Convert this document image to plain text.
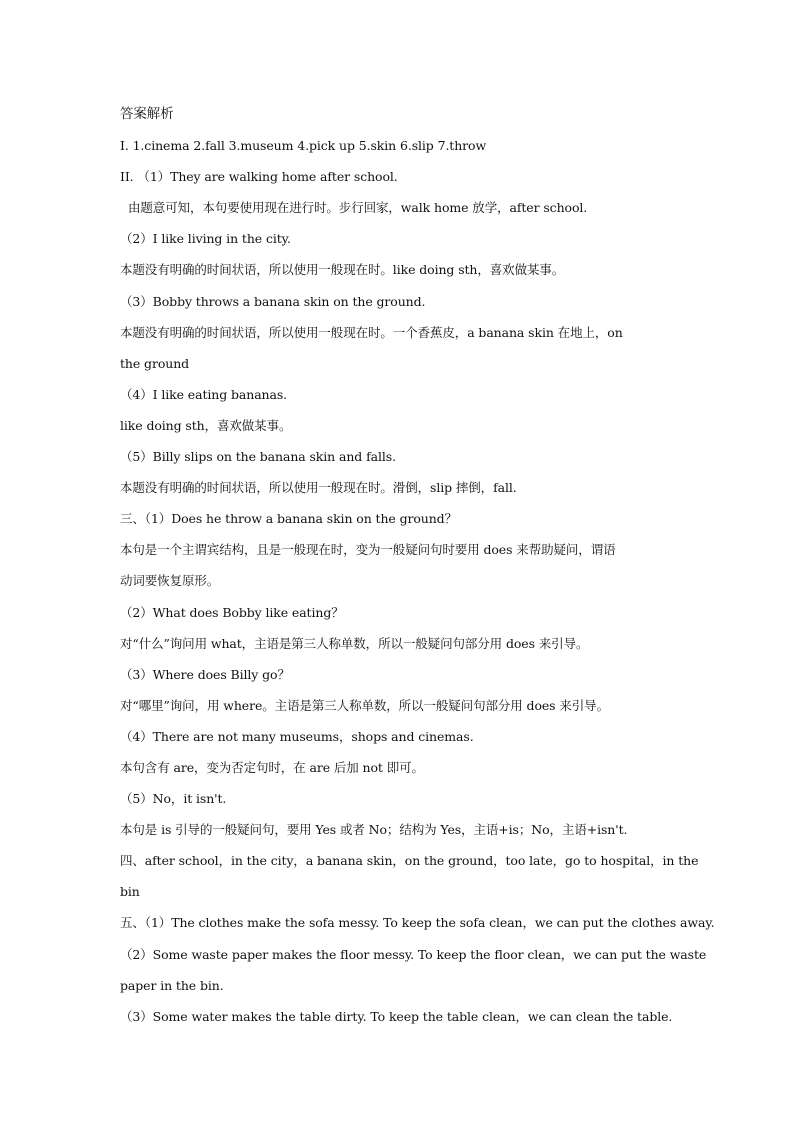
答案解析
I. 1.cinema 2.fall 3.museum 4.pick up 5.skin 6.slip 7.throw
II. （1）They are walking home after school.
由题意可知，本句要使用现在进行时。步行回家，walk home 放学，after school.
（2）I like living in the city.
本题没有明确的时间状语，所以使用一般现在时。like doing sth，喜欢做某事。
（3）Bobby throws a banana skin on the ground.
本题没有明确的时间状语，所以使用一般现在时。一个香蕉皮，a banana skin 在地上，on
the ground
（4）I like eating bananas.
like doing sth，喜欢做某事。
（5）Billy slips on the banana skin and falls.
本题没有明确的时间状语，所以使用一般现在时。滑倒，slip 摔倒，fall.
三、（1）Does he throw a banana skin on the ground？
本句是一个主谓宾结构，且是一般现在时，变为一般疑问句时要用 does 来帮助疑问，谓语
动词要恢复原形。
（2）What does Bobby like eating？
对“什么”询问用 what，主语是第三人称单数，所以一般疑问句部分用 does 来引导。
（3）Where does Billy go？
对“哪里”询问，用 where。主语是第三人称单数，所以一般疑问句部分用 does 来引导。
（4）There are not many museums，shops and cinemas.
本句含有 are，变为否定句时，在 are 后加 not 即可。
（5）No，it isn't.
本句是 is 引导的一般疑问句，要用 Yes 或者 No；结构为 Yes，主语+is；No，主语+isn't.
四、after school，in the city，a banana skin，on the ground，too late，go to hospital，in the
bin
五、（1）The clothes make the sofa messy. To keep the sofa clean，we can put the clothes away.
（2）Some waste paper makes the floor messy. To keep the floor clean，we can put the waste
paper in the bin.
（3）Some water makes the table dirty. To keep the table clean，we can clean the table.
